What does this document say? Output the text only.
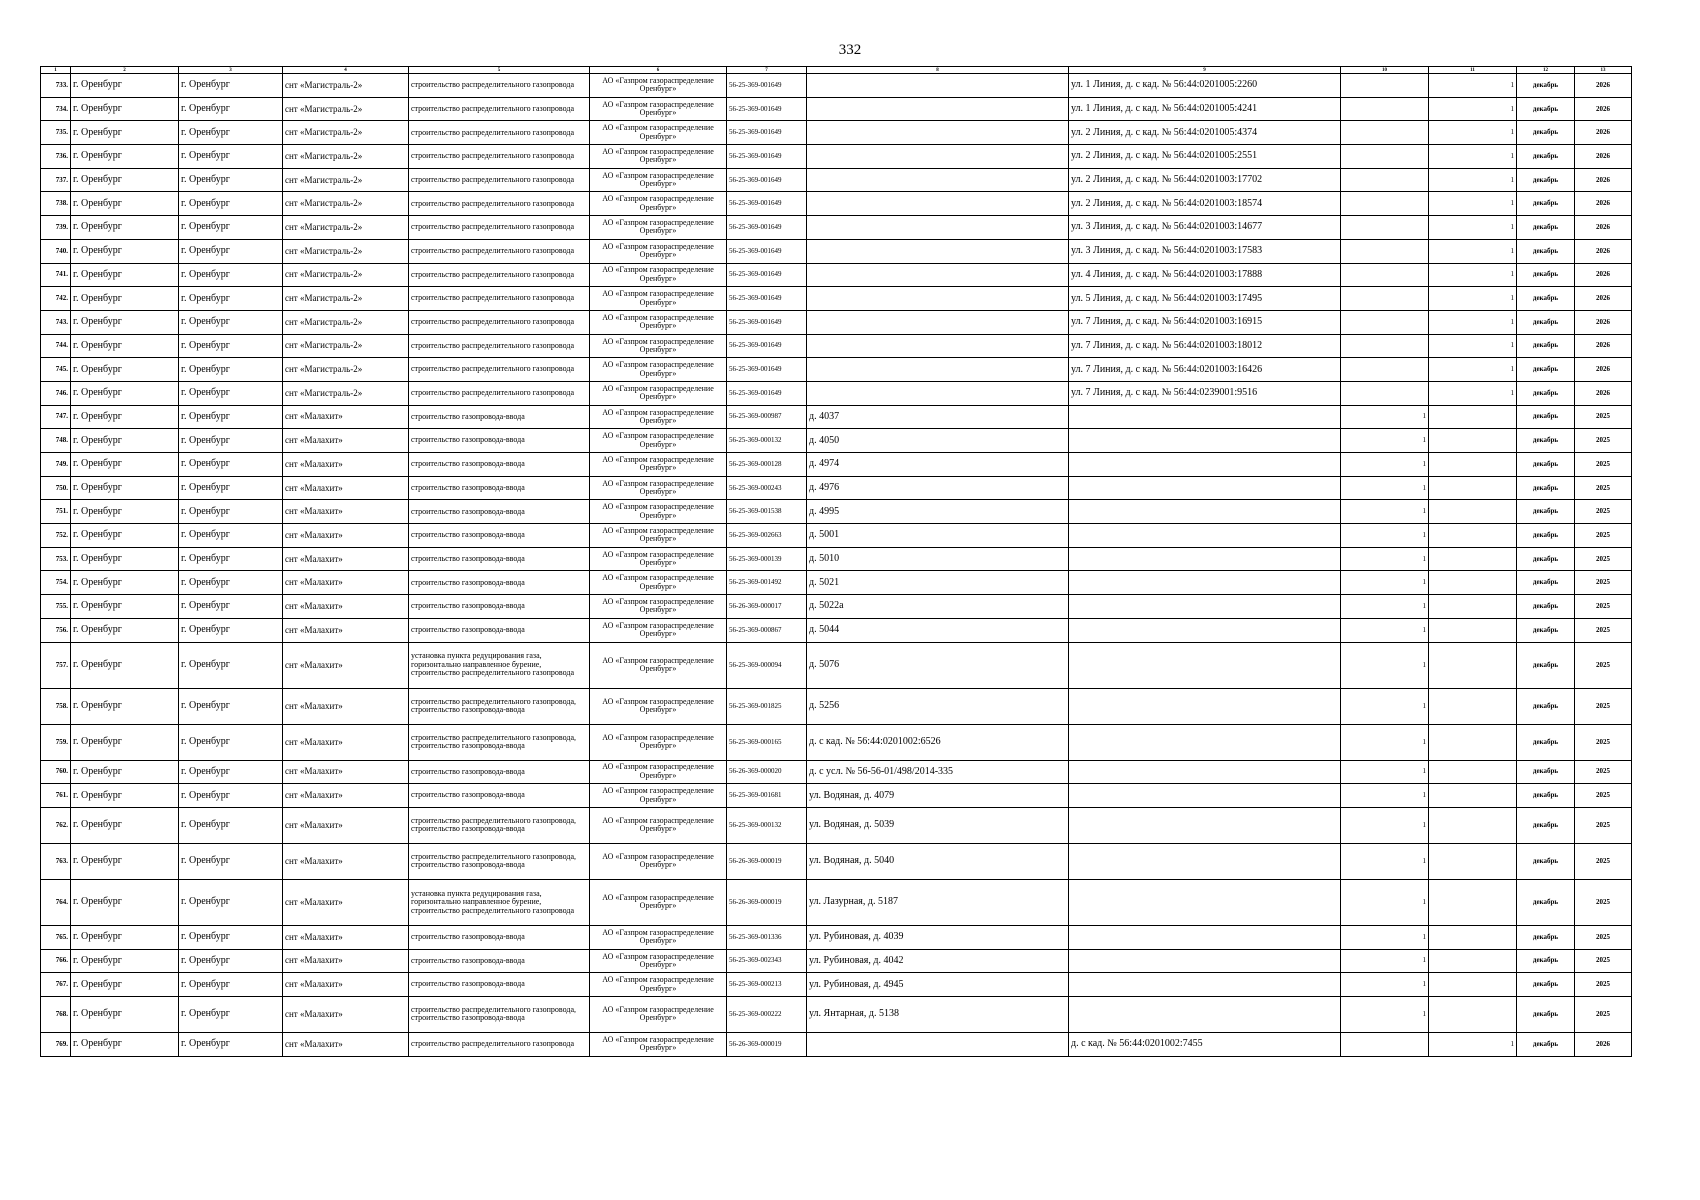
332
1	2	3	4	5	6	7	8	9	10	11	12	13
733.	г. Оренбург	г. Оренбург	снт «Магистраль-2»	строительство распределительного газопровода	АО «Газпром газораспределение Оренбург»	56-25-369-001649		ул. 1 Линия, д. с кад. № 56:44:0201005:2260		1	декабрь	2026
734.	г. Оренбург	г. Оренбург	снт «Магистраль-2»	строительство распределительного газопровода	АО «Газпром газораспределение Оренбург»	56-25-369-001649		ул. 1 Линия, д. с кад. № 56:44:0201005:4241		1	декабрь	2026
735.	г. Оренбург	г. Оренбург	снт «Магистраль-2»	строительство распределительного газопровода	АО «Газпром газораспределение Оренбург»	56-25-369-001649		ул. 2 Линия, д. с кад. № 56:44:0201005:4374		1	декабрь	2026
736.	г. Оренбург	г. Оренбург	снт «Магистраль-2»	строительство распределительного газопровода	АО «Газпром газораспределение Оренбург»	56-25-369-001649		ул. 2 Линия, д. с кад. № 56:44:0201005:2551		1	декабрь	2026
737.	г. Оренбург	г. Оренбург	снт «Магистраль-2»	строительство распределительного газопровода	АО «Газпром газораспределение Оренбург»	56-25-369-001649		ул. 2 Линия, д. с кад. № 56:44:0201003:17702		1	декабрь	2026
738.	г. Оренбург	г. Оренбург	снт «Магистраль-2»	строительство распределительного газопровода	АО «Газпром газораспределение Оренбург»	56-25-369-001649		ул. 2 Линия, д. с кад. № 56:44:0201003:18574		1	декабрь	2026
739.	г. Оренбург	г. Оренбург	снт «Магистраль-2»	строительство распределительного газопровода	АО «Газпром газораспределение Оренбург»	56-25-369-001649		ул. 3 Линия, д. с кад. № 56:44:0201003:14677		1	декабрь	2026
740.	г. Оренбург	г. Оренбург	снт «Магистраль-2»	строительство распределительного газопровода	АО «Газпром газораспределение Оренбург»	56-25-369-001649		ул. 3 Линия, д. с кад. № 56:44:0201003:17583		1	декабрь	2026
741.	г. Оренбург	г. Оренбург	снт «Магистраль-2»	строительство распределительного газопровода	АО «Газпром газораспределение Оренбург»	56-25-369-001649		ул. 4 Линия, д. с кад. № 56:44:0201003:17888		1	декабрь	2026
742.	г. Оренбург	г. Оренбург	снт «Магистраль-2»	строительство распределительного газопровода	АО «Газпром газораспределение Оренбург»	56-25-369-001649		ул. 5 Линия, д. с кад. № 56:44:0201003:17495		1	декабрь	2026
743.	г. Оренбург	г. Оренбург	снт «Магистраль-2»	строительство распределительного газопровода	АО «Газпром газораспределение Оренбург»	56-25-369-001649		ул. 7 Линия, д. с кад. № 56:44:0201003:16915		1	декабрь	2026
744.	г. Оренбург	г. Оренбург	снт «Магистраль-2»	строительство распределительного газопровода	АО «Газпром газораспределение Оренбург»	56-25-369-001649		ул. 7 Линия, д. с кад. № 56:44:0201003:18012		1	декабрь	2026
745.	г. Оренбург	г. Оренбург	снт «Магистраль-2»	строительство распределительного газопровода	АО «Газпром газораспределение Оренбург»	56-25-369-001649		ул. 7 Линия, д. с кад. № 56:44:0201003:16426		1	декабрь	2026
746.	г. Оренбург	г. Оренбург	снт «Магистраль-2»	строительство распределительного газопровода	АО «Газпром газораспределение Оренбург»	56-25-369-001649		ул. 7 Линия, д. с кад. № 56:44:0239001:9516		1	декабрь	2026
747.	г. Оренбург	г. Оренбург	снт «Малахит»	строительство газопровода-ввода	АО «Газпром газораспределение Оренбург»	56-25-369-000987	д. 4037		1		декабрь	2025
748.	г. Оренбург	г. Оренбург	снт «Малахит»	строительство газопровода-ввода	АО «Газпром газораспределение Оренбург»	56-25-369-000132	д. 4050		1		декабрь	2025
749.	г. Оренбург	г. Оренбург	снт «Малахит»	строительство газопровода-ввода	АО «Газпром газораспределение Оренбург»	56-25-369-000128	д. 4974		1		декабрь	2025
750.	г. Оренбург	г. Оренбург	снт «Малахит»	строительство газопровода-ввода	АО «Газпром газораспределение Оренбург»	56-25-369-000243	д. 4976		1		декабрь	2025
751.	г. Оренбург	г. Оренбург	снт «Малахит»	строительство газопровода-ввода	АО «Газпром газораспределение Оренбург»	56-25-369-001538	д. 4995		1		декабрь	2025
752.	г. Оренбург	г. Оренбург	снт «Малахит»	строительство газопровода-ввода	АО «Газпром газораспределение Оренбург»	56-25-369-002663	д. 5001		1		декабрь	2025
753.	г. Оренбург	г. Оренбург	снт «Малахит»	строительство газопровода-ввода	АО «Газпром газораспределение Оренбург»	56-25-369-000139	д. 5010		1		декабрь	2025
754.	г. Оренбург	г. Оренбург	снт «Малахит»	строительство газопровода-ввода	АО «Газпром газораспределение Оренбург»	56-25-369-001492	д. 5021		1		декабрь	2025
755.	г. Оренбург	г. Оренбург	снт «Малахит»	строительство газопровода-ввода	АО «Газпром газораспределение Оренбург»	56-26-369-000017	д. 5022а		1		декабрь	2025
756.	г. Оренбург	г. Оренбург	снт «Малахит»	строительство газопровода-ввода	АО «Газпром газораспределение Оренбург»	56-25-369-000867	д. 5044		1		декабрь	2025
757.	г. Оренбург	г. Оренбург	снт «Малахит»	установка пункта редуцирования газа, горизонтально направленное бурение, строительство распределительного газопровода	АО «Газпром газораспределение Оренбург»	56-25-369-000094	д. 5076		1		декабрь	2025
758.	г. Оренбург	г. Оренбург	снт «Малахит»	строительство распределительного газопровода, строительство газопровода-ввода	АО «Газпром газораспределение Оренбург»	56-25-369-001825	д. 5256		1		декабрь	2025
759.	г. Оренбург	г. Оренбург	снт «Малахит»	строительство распределительного газопровода, строительство газопровода-ввода	АО «Газпром газораспределение Оренбург»	56-25-369-000165	д. с кад. № 56:44:0201002:6526		1		декабрь	2025
760.	г. Оренбург	г. Оренбург	снт «Малахит»	строительство газопровода-ввода	АО «Газпром газораспределение Оренбург»	56-26-369-000020	д. с усл. № 56-56-01/498/2014-335		1		декабрь	2025
761.	г. Оренбург	г. Оренбург	снт «Малахит»	строительство газопровода-ввода	АО «Газпром газораспределение Оренбург»	56-25-369-001681	ул. Водяная, д. 4079		1		декабрь	2025
762.	г. Оренбург	г. Оренбург	снт «Малахит»	строительство распределительного газопровода, строительство газопровода-ввода	АО «Газпром газораспределение Оренбург»	56-25-369-000132	ул. Водяная, д. 5039		1		декабрь	2025
763.	г. Оренбург	г. Оренбург	снт «Малахит»	строительство распределительного газопровода, строительство газопровода-ввода	АО «Газпром газораспределение Оренбург»	56-26-369-000019	ул. Водяная, д. 5040		1		декабрь	2025
764.	г. Оренбург	г. Оренбург	снт «Малахит»	установка пункта редуцирования газа, горизонтально направленное бурение, строительство распределительного газопровода	АО «Газпром газораспределение Оренбург»	56-26-369-000019	ул. Лазурная, д. 5187		1		декабрь	2025
765.	г. Оренбург	г. Оренбург	снт «Малахит»	строительство газопровода-ввода	АО «Газпром газораспределение Оренбург»	56-25-369-001336	ул. Рубиновая, д. 4039		1		декабрь	2025
766.	г. Оренбург	г. Оренбург	снт «Малахит»	строительство газопровода-ввода	АО «Газпром газораспределение Оренбург»	56-25-369-002343	ул. Рубиновая, д. 4042		1		декабрь	2025
767.	г. Оренбург	г. Оренбург	снт «Малахит»	строительство газопровода-ввода	АО «Газпром газораспределение Оренбург»	56-25-369-000213	ул. Рубиновая, д. 4945		1		декабрь	2025
768.	г. Оренбург	г. Оренбург	снт «Малахит»	строительство распределительного газопровода, строительство газопровода-ввода	АО «Газпром газораспределение Оренбург»	56-25-369-000222	ул. Янтарная, д. 5138		1		декабрь	2025
769.	г. Оренбург	г. Оренбург	снт «Малахит»	строительство распределительного газопровода	АО «Газпром газораспределение Оренбург»	56-26-369-000019		д. с кад. № 56:44:0201002:7455		1	декабрь	2026
